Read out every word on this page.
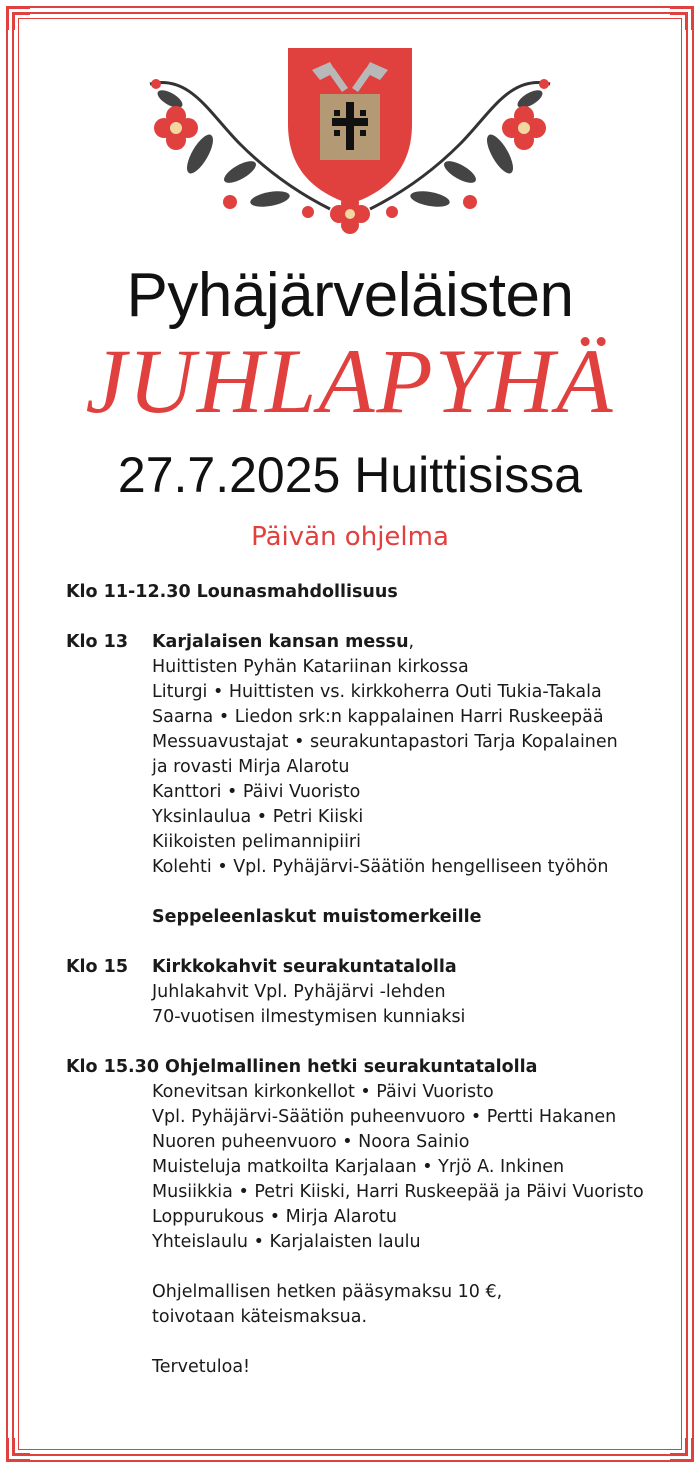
Pyhäjärveläisten
JUHLAPYHÄ
27.7.2025 Huittisissa
Päivän ohjelma
Klo 11-12.30 Lounasmahdollisuus
Klo 13	Karjalaisen kansan messu,
Huittisten Pyhän Katariinan kirkossa
Liturgi • Huittisten vs. kirkkoherra Outi Tukia-Takala
Saarna • Liedon srk:n kappalainen Harri Ruskeepää
Messuavustajat • seurakuntapastori Tarja Kopalainen
ja rovasti Mirja Alarotu
Kanttori • Päivi Vuoristo
Yksinlaulua • Petri Kiiski
Kiikoisten pelimannipiiri
Kolehti • Vpl. Pyhäjärvi-Säätiön hengelliseen työhön
Seppeleenlaskut muistomerkeille
Klo 15	Kirkkokahvit seurakuntatalolla
Juhlakahvit Vpl. Pyhäjärvi -lehden
70-vuotisen ilmestymisen kunniaksi
Klo 15.30 Ohjelmallinen hetki seurakuntatalolla
Konevitsan kirkonkellot • Päivi Vuoristo
Vpl. Pyhäjärvi-Säätiön puheenvuoro • Pertti Hakanen
Nuoren puheenvuoro • Noora Sainio
Muisteluja matkoilta Karjalaan • Yrjö A. Inkinen
Musiikkia • Petri Kiiski, Harri Ruskeepää ja Päivi Vuoristo
Loppurukous • Mirja Alarotu
Yhteislaulu • Karjalaisten laulu
Ohjelmallisen hetken pääsymaksu 10 €,
toivotaan käteismaksua.
Tervetuloa!
